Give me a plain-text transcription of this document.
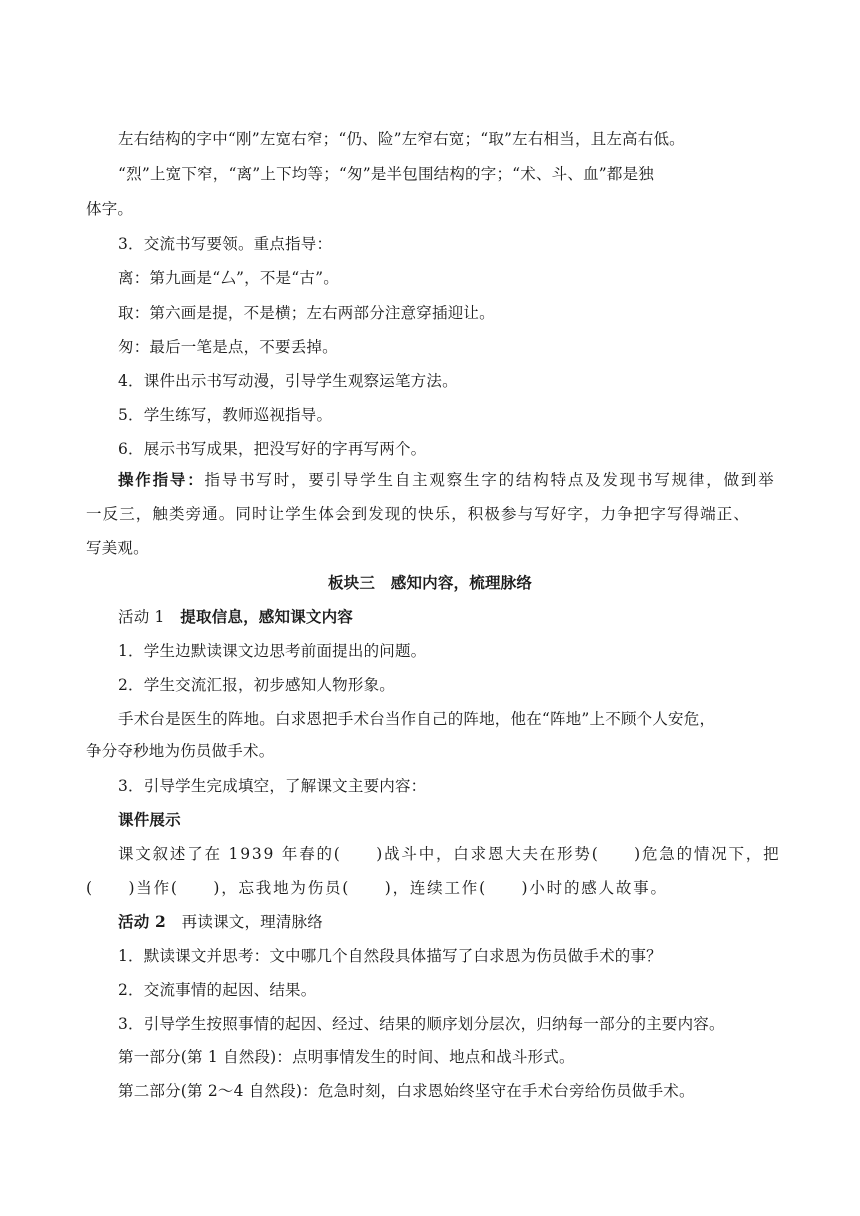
左右结构的字中“刚”左宽右窄；“仍、险”左窄右宽；“取”左右相当，且左高右低。
“烈”上宽下窄，“离”上下均等；“匆”是半包围结构的字；“术、斗、血”都是独
体字。
3．交流书写要领。重点指导：
离：第九画是“厶”，不是“古”。
取：第六画是提，不是横；左右两部分注意穿插迎让。
匆：最后一笔是点，不要丢掉。
4．课件出示书写动漫，引导学生观察运笔方法。
5．学生练写，教师巡视指导。
6．展示书写成果，把没写好的字再写两个。
操作指导：指导书写时，要引导学生自主观察生字的结构特点及发现书写规律，做到举
一反三，触类旁通。同时让学生体会到发现的快乐，积极参与写好字，力争把字写得端正、
写美观。
板块三　感知内容，梳理脉络
活动 1　提取信息，感知课文内容
1．学生边默读课文边思考前面提出的问题。
2．学生交流汇报，初步感知人物形象。
手术台是医生的阵地。白求恩把手术台当作自己的阵地，他在“阵地”上不顾个人安危，
争分夺秒地为伤员做手术。
3．引导学生完成填空，了解课文主要内容：
课件展示
课文叙述了在 1939 年春的(　　)战斗中，白求恩大夫在形势(　　)危急的情况下，把
(　　)当作(　　)，忘我地为伤员(　　)，连续工作(　　)小时的感人故事。
活动 2　再读课文，理清脉络
1．默读课文并思考：文中哪几个自然段具体描写了白求恩为伤员做手术的事？
2．交流事情的起因、结果。
3．引导学生按照事情的起因、经过、结果的顺序划分层次，归纳每一部分的主要内容。
第一部分(第 1 自然段)：点明事情发生的时间、地点和战斗形式。
第二部分(第 2～4 自然段)：危急时刻，白求恩始终坚守在手术台旁给伤员做手术。
